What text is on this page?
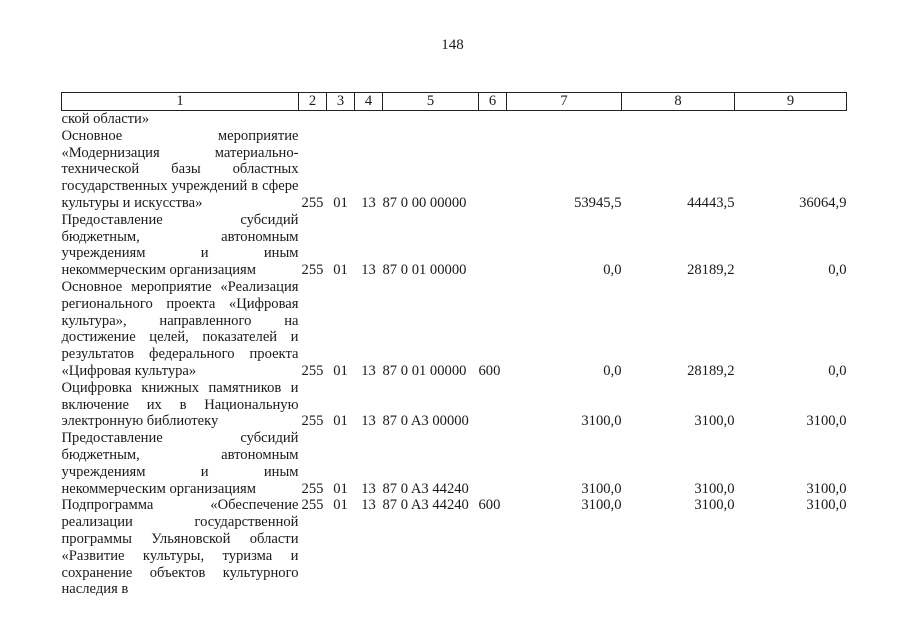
148
1	2	3	4	5	6	7	8	9
ской области»								
Основное мероприятие «Модернизация материально-технической базы областных государственных учреждений в сфере культуры и искусства»	255	01	13	87 0 00 00000		53945,5	44443,5	36064,9
Предоставление субсидий бюджетным, автономным учреждениям и иным некоммерческим организациям	255	01	13	87 0 01 00000		0,0	28189,2	0,0
Основное мероприятие «Реализация регионального проекта «Цифровая культура», направленного на достижение целей, показателей и результатов федерального проекта «Цифровая культура»	255	01	13	87 0 01 00000	600	0,0	28189,2	0,0
Оцифровка книжных памятников и включение их в Национальную электронную библиотеку	255	01	13	87 0 A3 00000		3100,0	3100,0	3100,0
Предоставление субсидий бюджетным, автономным учреждениям и иным некоммерческим организациям	255	01	13	87 0 A3 44240		3100,0	3100,0	3100,0
Подпрограмма «Обеспечение реализации государственной программы Ульяновской области «Развитие культуры, туризма и сохранение объектов культурного наследия в	255	01	13	87 0 A3 44240	600	3100,0	3100,0	3100,0
